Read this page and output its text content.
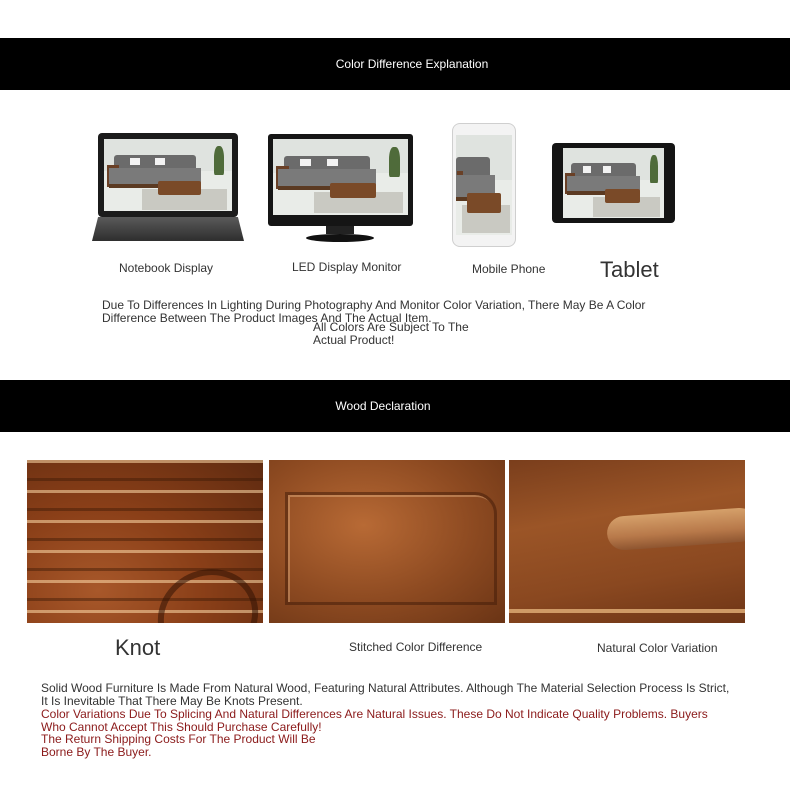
Color Difference Explanation
Notebook Display	LED Display Monitor	Mobile Phone Tablet
Due To Differences In Lighting During Photography And Monitor Color Variation, There May Be A Color
Difference Between The Product Images And The Actual Item.
All Colors Are Subject To The
Actual Product!
Wood Declaration
Knot	Stitched Color Difference	Natural Color Variation
Solid Wood Furniture Is Made From Natural Wood, Featuring Natural Attributes. Although The Material Selection Process Is Strict,
It Is Inevitable That There May Be Knots Present.
Color Variations Due To Splicing And Natural Differences Are Natural Issues. These Do Not Indicate Quality Problems. Buyers
Who Cannot Accept This Should Purchase Carefully!
The Return Shipping Costs For The Product Will Be
Borne By The Buyer.
